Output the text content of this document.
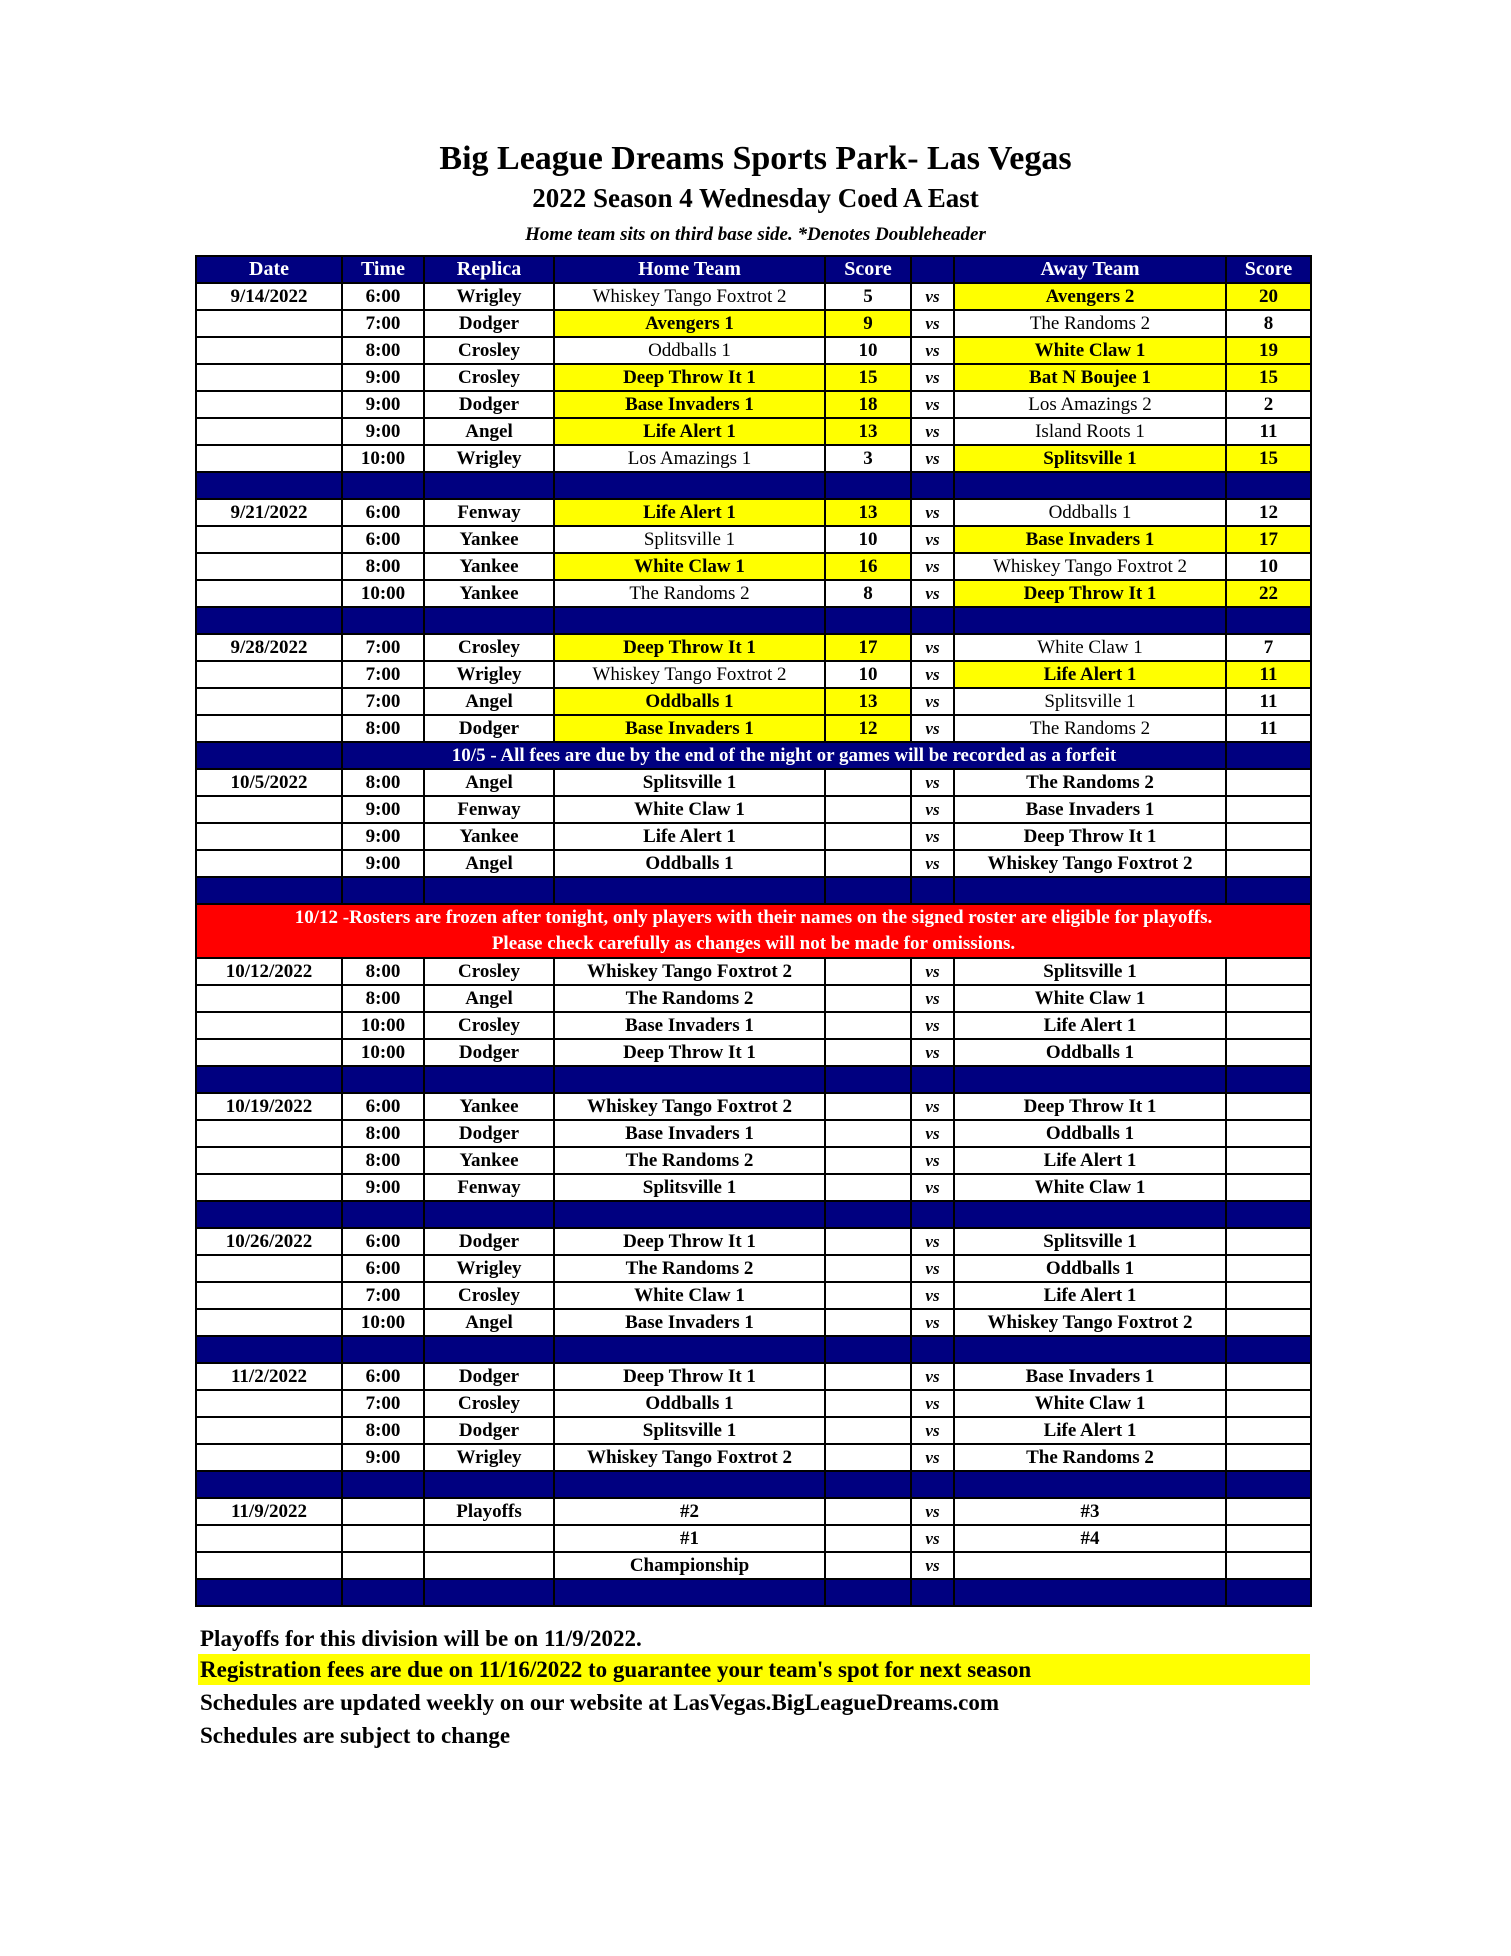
Big League Dreams Sports Park- Las Vegas
2022 Season 4 Wednesday Coed A East
Home team sits on third base side. *Denotes Doubleheader
Date	Time	Replica	Home Team	Score		Away Team	Score
9/14/2022	6:00	Wrigley	Whiskey Tango Foxtrot 2	5	vs	Avengers 2	20
	7:00	Dodger	Avengers 1	9	vs	The Randoms 2	8
	8:00	Crosley	Oddballs 1	10	vs	White Claw 1	19
	9:00	Crosley	Deep Throw It 1	15	vs	Bat N Boujee 1	15
	9:00	Dodger	Base Invaders 1	18	vs	Los Amazings 2	2
	9:00	Angel	Life Alert 1	13	vs	Island Roots 1	11
	10:00	Wrigley	Los Amazings 1	3	vs	Splitsville 1	15

9/21/2022	6:00	Fenway	Life Alert 1	13	vs	Oddballs 1	12
	6:00	Yankee	Splitsville 1	10	vs	Base Invaders 1	17
	8:00	Yankee	White Claw 1	16	vs	Whiskey Tango Foxtrot 2	10
	10:00	Yankee	The Randoms 2	8	vs	Deep Throw It 1	22

9/28/2022	7:00	Crosley	Deep Throw It 1	17	vs	White Claw 1	7
	7:00	Wrigley	Whiskey Tango Foxtrot 2	10	vs	Life Alert 1	11
	7:00	Angel	Oddballs 1	13	vs	Splitsville 1	11
	8:00	Dodger	Base Invaders 1	12	vs	The Randoms 2	11
	10/5 - All fees are due by the end of the night or games will be recorded as a forfeit						
10/5/2022	8:00	Angel	Splitsville 1		vs	The Randoms 2	
	9:00	Fenway	White Claw 1		vs	Base Invaders 1	
	9:00	Yankee	Life Alert 1		vs	Deep Throw It 1	
	9:00	Angel	Oddballs 1		vs	Whiskey Tango Foxtrot 2	

10/12 -Rosters are frozen after tonight, only players with their names on the signed roster are eligible for playoffs.
Please check carefully as changes will not be made for omissions.							

10/12/2022	8:00	Crosley	Whiskey Tango Foxtrot 2		vs	Splitsville 1	
	8:00	Angel	The Randoms 2		vs	White Claw 1	
	10:00	Crosley	Base Invaders 1		vs	Life Alert 1	
	10:00	Dodger	Deep Throw It 1		vs	Oddballs 1	

10/19/2022	6:00	Yankee	Whiskey Tango Foxtrot 2		vs	Deep Throw It 1	
	8:00	Dodger	Base Invaders 1		vs	Oddballs 1	
	8:00	Yankee	The Randoms 2		vs	Life Alert 1	
	9:00	Fenway	Splitsville 1		vs	White Claw 1	

10/26/2022	6:00	Dodger	Deep Throw It 1		vs	Splitsville 1	
	6:00	Wrigley	The Randoms 2		vs	Oddballs 1	
	7:00	Crosley	White Claw 1		vs	Life Alert 1	
	10:00	Angel	Base Invaders 1		vs	Whiskey Tango Foxtrot 2	

11/2/2022	6:00	Dodger	Deep Throw It 1		vs	Base Invaders 1	
	7:00	Crosley	Oddballs 1		vs	White Claw 1	
	8:00	Dodger	Splitsville 1		vs	Life Alert 1	
	9:00	Wrigley	Whiskey Tango Foxtrot 2		vs	The Randoms 2	

11/9/2022		Playoffs	#2		vs	#3	
			#1		vs	#4	
			Championship		vs		

Playoffs for this division will be on 11/9/2022.
Registration fees are due on 11/16/2022 to guarantee your team's spot for next season
Schedules are updated weekly on our website at LasVegas.BigLeagueDreams.com
Schedules are subject to change
